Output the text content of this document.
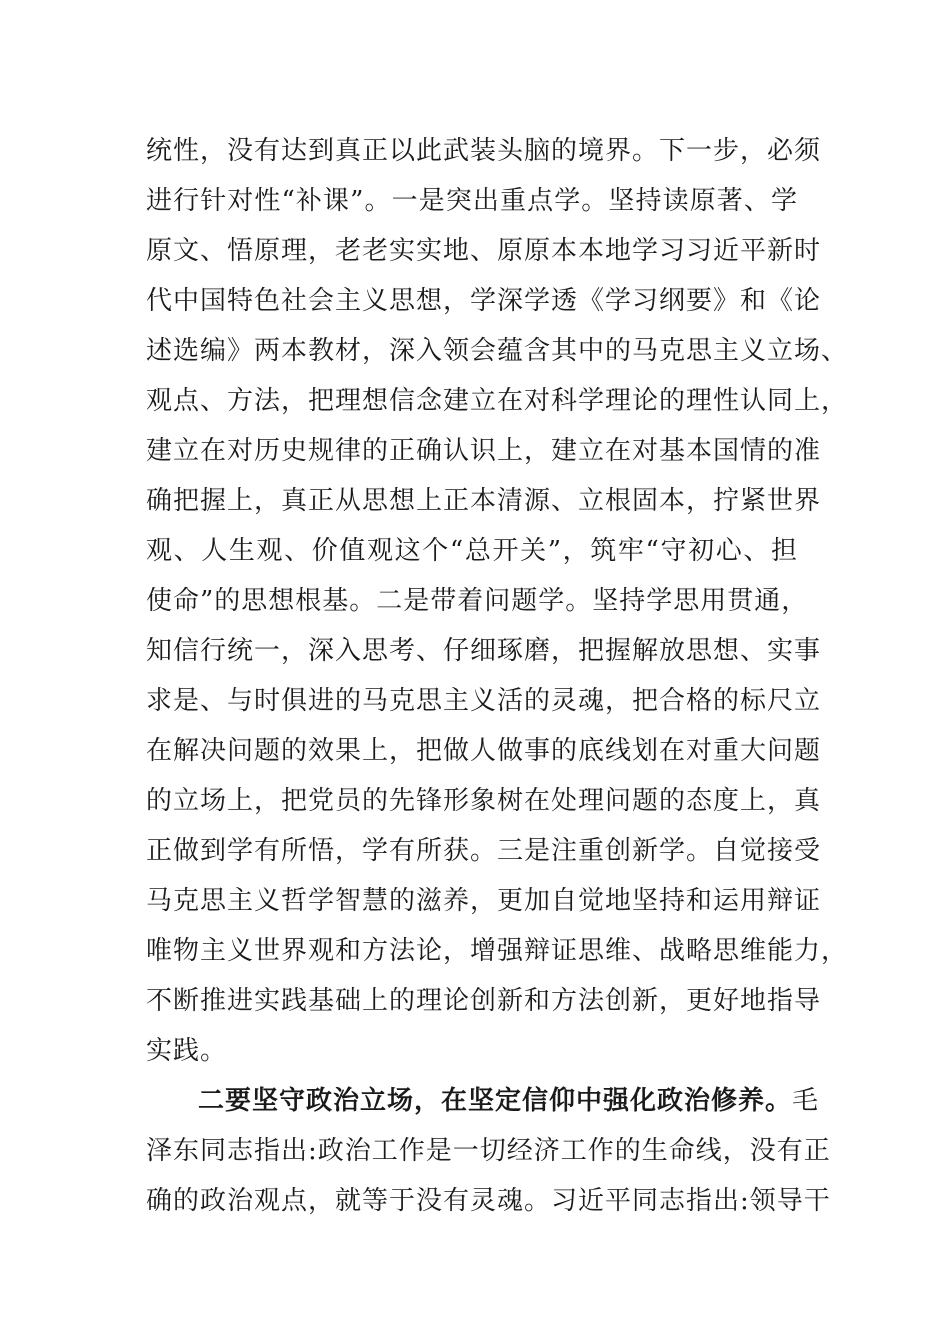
统性，没有达到真正以此武装头脑的境界。下一步，必须
进行针对性“补课”。一是突出重点学。坚持读原著、学
原文、悟原理，老老实实地、原原本本地学习习近平新时
代中国特色社会主义思想，学深学透《学习纲要》和《论
述选编》两本教材，深入领会蕴含其中的马克思主义立场、
观点、方法，把理想信念建立在对科学理论的理性认同上，
建立在对历史规律的正确认识上，建立在对基本国情的准
确把握上，真正从思想上正本清源、立根固本，拧紧世界
观、人生观、价值观这个“总开关”，筑牢“守初心、担
使命”的思想根基。二是带着问题学。坚持学思用贯通，
知信行统一，深入思考、仔细琢磨，把握解放思想、实事
求是、与时俱进的马克思主义活的灵魂，把合格的标尺立
在解决问题的效果上，把做人做事的底线划在对重大问题
的立场上，把党员的先锋形象树在处理问题的态度上，真
正做到学有所悟，学有所获。三是注重创新学。自觉接受
马克思主义哲学智慧的滋养，更加自觉地坚持和运用辩证
唯物主义世界观和方法论，增强辩证思维、战略思维能力，
不断推进实践基础上的理论创新和方法创新，更好地指导
实践。
二要坚守政治立场，在坚定信仰中强化政治修养。毛
泽东同志指出:政治工作是一切经济工作的生命线，没有正
确的政治观点，就等于没有灵魂。习近平同志指出:领导干
